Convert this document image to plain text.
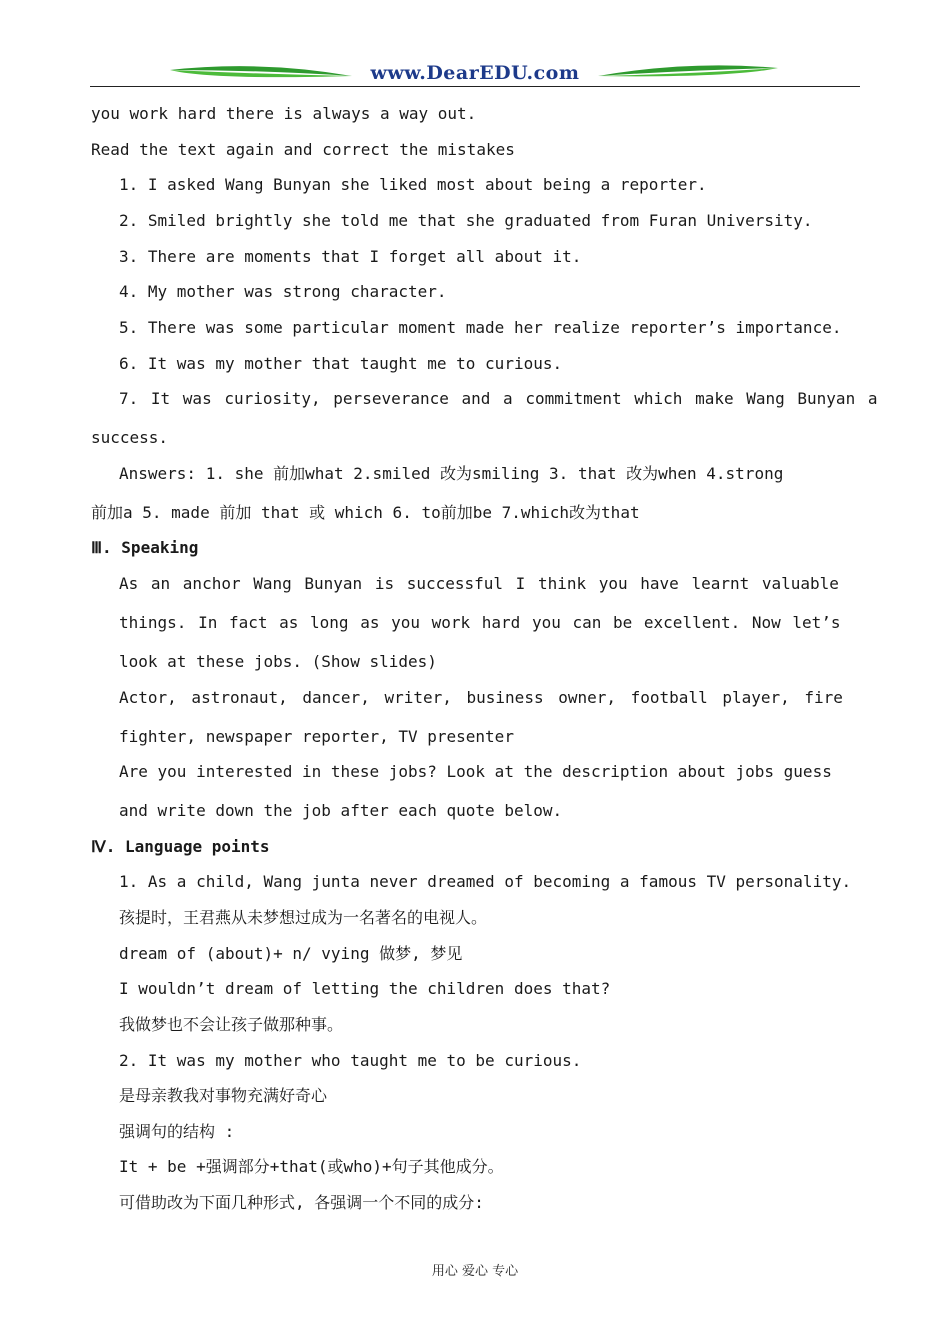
www.DearEDU.com
you work hard there is always a way out.
Read the text again and correct the mistakes
1. I asked Wang Bunyan she liked most about being a reporter.
2. Smiled brightly she told me that she graduated from Furan University.
3. There are moments that I forget all about it.
4. My mother was strong character.
5. There was some particular moment made her realize reporter’s importance.
6. It was my mother that taught me to curious.
7. It was curiosity, perseverance and a commitment which make Wang Bunyan a
success.
Answers: 1. she 前加what 2.smiled 改为smiling 3. that 改为when 4.strong
前加a 5. made 前加 that 或 which 6. to前加be 7.which改为that
Ⅲ. Speaking
As an anchor Wang Bunyan is successful I think you have learnt valuable
things. In fact as long as you work hard you can be excellent. Now let’s
look at these jobs. (Show slides)
Actor, astronaut, dancer, writer, business owner, football player, fire
fighter, newspaper reporter, TV presenter
Are you interested in these jobs? Look at the description about jobs guess
and write down the job after each quote below.
Ⅳ. Language points
1. As a child, Wang junta never dreamed of becoming a famous TV personality.
孩提时，王君燕从未梦想过成为一名著名的电视人。
dream of (about)+ n/ vying 做梦, 梦见
I wouldn’t dream of letting the children does that?
我做梦也不会让孩子做那种事。
2. It was my mother who taught me to be curious.
是母亲教我对事物充满好奇心
强调句的结构 :
It + be +强调部分+that(或who)+句子其他成分。
可借助改为下面几种形式, 各强调一个不同的成分:
用心 爱心 专心
